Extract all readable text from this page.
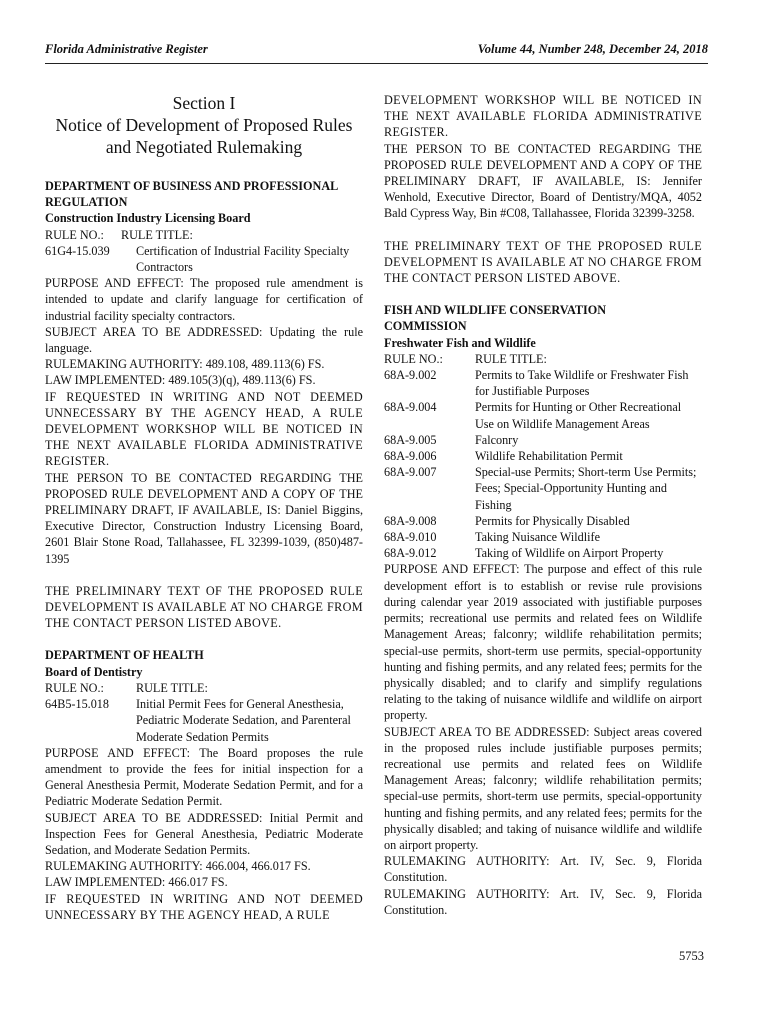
Florida Administrative Register	Volume 44, Number 248, December 24, 2018
Section I
Notice of Development of Proposed Rules
and Negotiated Rulemaking
DEPARTMENT OF BUSINESS AND PROFESSIONAL
REGULATION
Construction Industry Licensing Board
RULE NO.:	RULE TITLE:
61G4-15.039	Certification of Industrial Facility Specialty Contractors

PURPOSE AND EFFECT: The proposed rule amendment is intended to update and clarify language for certification of industrial facility specialty contractors.

SUBJECT AREA TO BE ADDRESSED: Updating the rule language.

RULEMAKING AUTHORITY: 489.108, 489.113(6) FS.

LAW IMPLEMENTED: 489.105(3)(q), 489.113(6) FS.

IF REQUESTED IN WRITING AND NOT DEEMED UNNECESSARY BY THE AGENCY HEAD, A RULE DEVELOPMENT WORKSHOP WILL BE NOTICED IN THE NEXT AVAILABLE FLORIDA ADMINISTRATIVE REGISTER.

THE PERSON TO BE CONTACTED REGARDING THE PROPOSED RULE DEVELOPMENT AND A COPY OF THE PRELIMINARY DRAFT, IF AVAILABLE, IS: Daniel Biggins, Executive Director, Construction Industry Licensing Board, 2601 Blair Stone Road, Tallahassee, FL 32399-1039, (850)487-1395

THE PRELIMINARY TEXT OF THE PROPOSED RULE DEVELOPMENT IS AVAILABLE AT NO CHARGE FROM THE CONTACT PERSON LISTED ABOVE.

DEPARTMENT OF HEALTH
Board of Dentistry
RULE NO.:	RULE TITLE:
64B5-15.018	Initial Permit Fees for General Anesthesia, Pediatric Moderate Sedation, and Parenteral Moderate Sedation Permits

PURPOSE AND EFFECT: The Board proposes the rule amendment to provide the fees for initial inspection for a General Anesthesia Permit, Moderate Sedation Permit, and for a Pediatric Moderate Sedation Permit.

SUBJECT AREA TO BE ADDRESSED: Initial Permit and Inspection Fees for General Anesthesia, Pediatric Moderate Sedation, and Moderate Sedation Permits.

RULEMAKING AUTHORITY: 466.004, 466.017 FS.

LAW IMPLEMENTED: 466.017 FS.

IF REQUESTED IN WRITING AND NOT DEEMED UNNECESSARY BY THE AGENCY HEAD, A RULE

DEVELOPMENT WORKSHOP WILL BE NOTICED IN THE NEXT AVAILABLE FLORIDA ADMINISTRATIVE REGISTER.

THE PERSON TO BE CONTACTED REGARDING THE PROPOSED RULE DEVELOPMENT AND A COPY OF THE PRELIMINARY DRAFT, IF AVAILABLE, IS: Jennifer Wenhold, Executive Director, Board of Dentistry/MQA, 4052 Bald Cypress Way, Bin #C08, Tallahassee, Florida 32399-3258.

THE PRELIMINARY TEXT OF THE PROPOSED RULE DEVELOPMENT IS AVAILABLE AT NO CHARGE FROM THE CONTACT PERSON LISTED ABOVE.

FISH AND WILDLIFE CONSERVATION
COMMISSION
Freshwater Fish and Wildlife
RULE NO.:	RULE TITLE:
68A-9.002	Permits to Take Wildlife or Freshwater Fish for Justifiable Purposes
68A-9.004	Permits for Hunting or Other Recreational Use on Wildlife Management Areas
68A-9.005	Falconry
68A-9.006	Wildlife Rehabilitation Permit
68A-9.007	Special-use Permits; Short-term Use Permits; Fees; Special-Opportunity Hunting and Fishing
68A-9.008	Permits for Physically Disabled
68A-9.010	Taking Nuisance Wildlife
68A-9.012	Taking of Wildlife on Airport Property

PURPOSE AND EFFECT: The purpose and effect of this rule development effort is to establish or revise rule provisions during calendar year 2019 associated with justifiable purposes permits; recreational use permits and related fees on Wildlife Management Areas; falconry; wildlife rehabilitation permits; special-use permits, short-term use permits, special-opportunity hunting and fishing permits, and any related fees; permits for the physically disabled; and to clarify and simplify regulations relating to the taking of nuisance wildlife and wildlife on airport property.

SUBJECT AREA TO BE ADDRESSED: Subject areas covered in the proposed rules include justifiable purposes permits; recreational use permits and related fees on Wildlife Management Areas; falconry; wildlife rehabilitation permits; special-use permits, short-term use permits, special-opportunity hunting and fishing permits, and any related fees; permits for the physically disabled; and taking of nuisance wildlife and wildlife on airport property.

RULEMAKING AUTHORITY: Art. IV, Sec. 9, Florida Constitution.

RULEMAKING AUTHORITY: Art. IV, Sec. 9, Florida Constitution.

5753
